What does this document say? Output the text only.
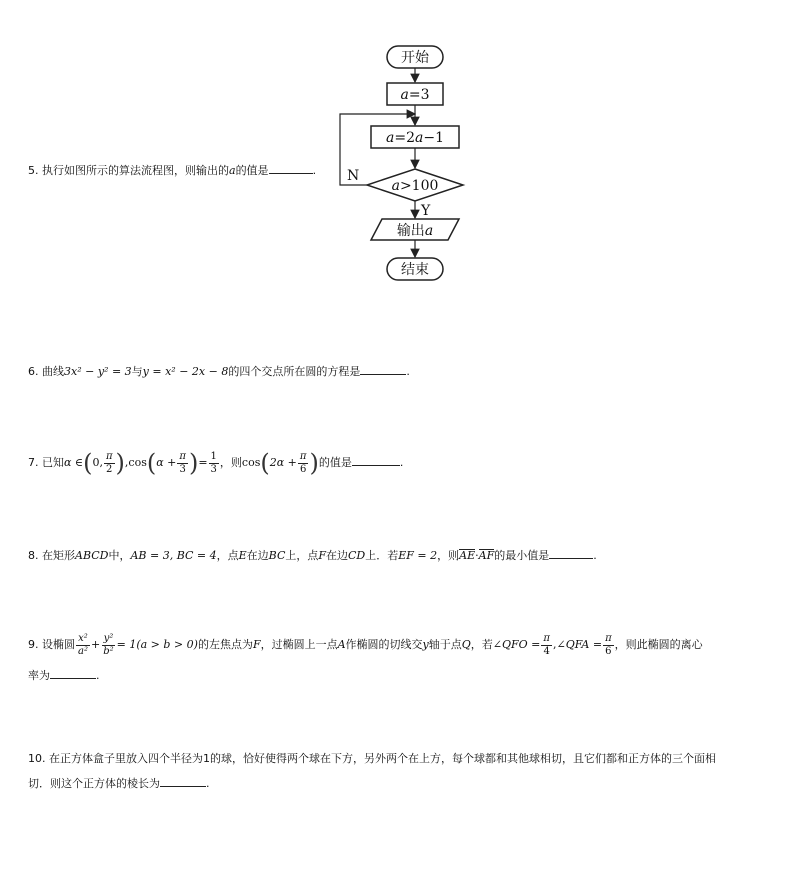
5. 执行如图所示的算法流程图，则输出的a的值是	.
开始
a=3
a=2a−1
a>100
N
Y
输出a
结束
6. 曲线3x² − y² = 3与y = x² − 2x − 8的四个交点所在圆的方程是	.
7. 已知α ∈(0, $\frac{\pi}{2} ),\cos(\alpha + \frac{\pi}{3}$ )= $\frac{1}{3}$ ，则$\cos(2\alpha + \frac{\pi}{6}$ )的值是	.
8. 在矩形ABCD中，AB = 3, BC = 4，点E在边BC上，点F在边CD上．若EF = 2，则AE·AF的最小值是	.
9. 设椭圆 $\frac{\text{x²}}{\text{a²}} + \frac{\text{y²}}{\text{b²}} = 1(a > b > 0)$的左焦点为F，过椭圆上一点A作椭圆的切线交y轴于点Q，若∠QFO = $\frac{\pi}{4}$ ,∠QFA = $\frac{\pi}{6}$ ，则此椭圆的离心
率为	.
10. 在正方体盒子里放入四个半径为1的球，恰好使得两个球在下方，另外两个在上方，每个球都和其他球相切，且它们都和正方体的三个面相
切．则这个正方体的棱长为	.
